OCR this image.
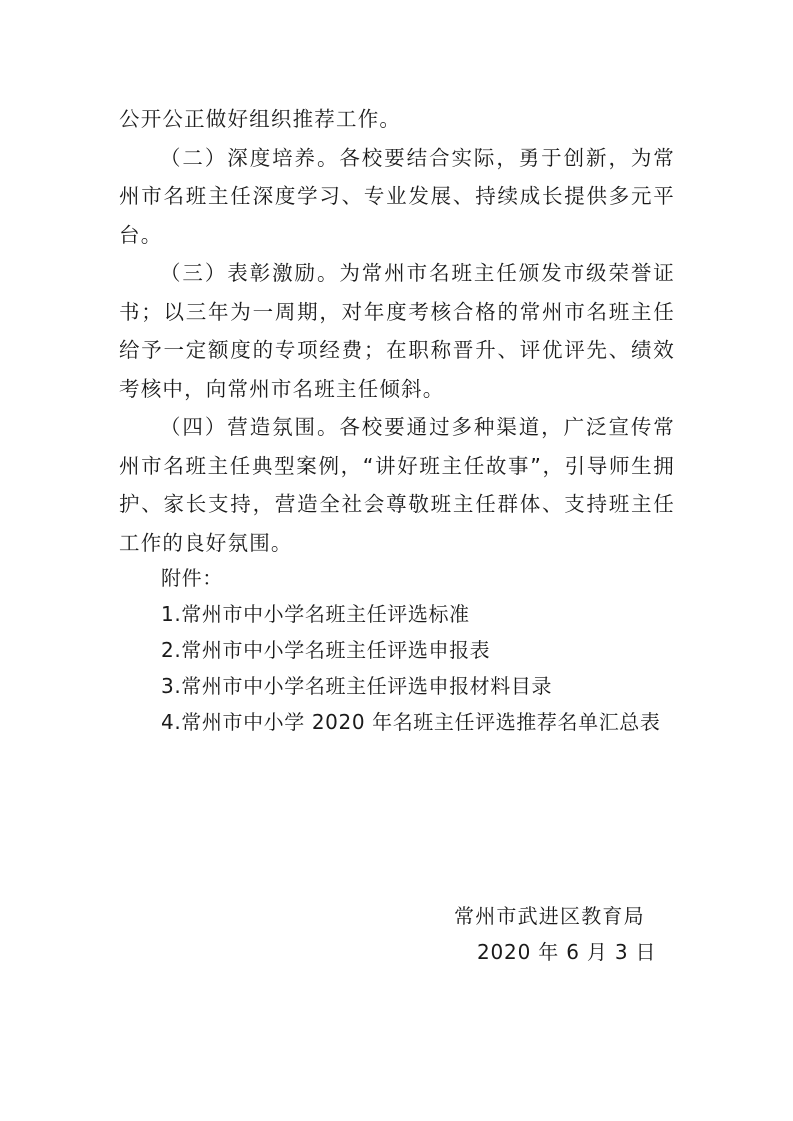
公开公正做好组织推荐工作。

（二）深度培养。各校要结合实际，勇于创新，为常州市名班主任深度学习、专业发展、持续成长提供多元平台。

（三）表彰激励。为常州市名班主任颁发市级荣誉证书；以三年为一周期，对年度考核合格的常州市名班主任给予一定额度的专项经费；在职称晋升、评优评先、绩效考核中，向常州市名班主任倾斜。

（四）营造氛围。各校要通过多种渠道，广泛宣传常州市名班主任典型案例，“讲好班主任故事”，引导师生拥护、家长支持，营造全社会尊敬班主任群体、支持班主任工作的良好氛围。

附件：
1.常州市中小学名班主任评选标准
2.常州市中小学名班主任评选申报表
3.常州市中小学名班主任评选申报材料目录
4.常州市中小学 2020 年名班主任评选推荐名单汇总表
常州市武进区教育局
2020 年 6 月 3 日
